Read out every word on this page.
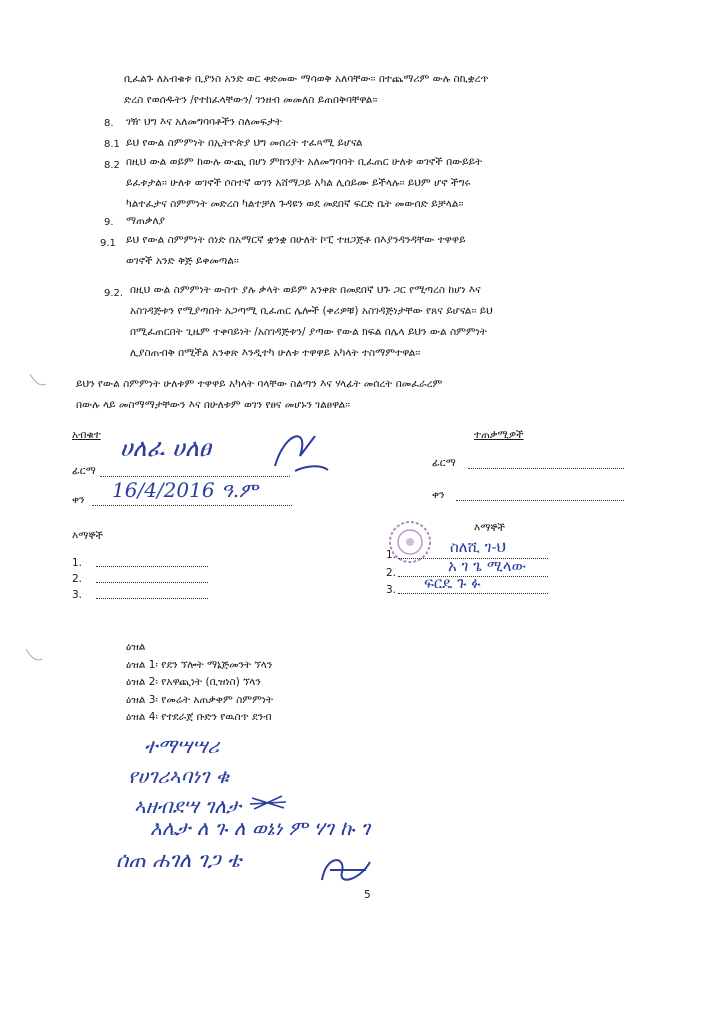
ቢፈልጉ ለአብቁቱ ቢያንስ አንድ ወር ቀድመው ማሳወቅ አለባቸው፡፡ በተጨማሪም ውሉ ስኪቋረጥ
ድረስ የወሰዱትን /የተከፈላቸውን/ ገንዘብ መመለስ ይጠበቅባቸዋል፡፡
8. ገዥ ህግ እና አለመግባባቶችን ስለመፍታት
8.1 ይህ የውል ስምምነት በኢትዮጵያ ህግ መሰረት ተፈጻሚ ይሆናል
8.2 በዚህ ውል ወይም ከውሉ ውጪ በሆነ ምክንያት አለመግባባት ቢፈጠር ሁለቱ ወገኖች በውይይት
ይፈቱታል፡፡ ሁለቱ ወገኖች ሶስተኛ ወገን አሸማጋይ አካል ሊሰይሙ ይችላሉ፡፡ ይህም ሆኖ ችግሩ
ካልተፈታና ስምምነት መድረስ ካልተቻለ ጉዳዩን ወደ መደበኛ ፍርድ ቤት መውሰድ ይቻላል፡፡
9. ማጠቃለያ
9.1 ይህ የውል ስምምነት ሰነድ በአማርኛ ቋንቋ በሁለት ኮፒ ተዘጋጅቶ በእያንዳንዳቸው ተዋዋይ
ወገኖች አንድ ቅጅ ይቀመጣል፡፡
9.2. በዚህ ውል ስምምነት ውስጥ ያሉ ቃላት ወይም አንቀጽ በመደበኛ ህጉ ጋር የሚጣረስ ከሆነ እና
አስገዳጅቱን የሚያጣበት አጋጣሚ ቢፈጠር ሌሎች (ቀሪዎቹ) አስገዳጅነታቸው የጸና ይሆናል፡፡ ይህ
በሚፈጠርበት ጊዜም ተቀባይነት /አስገዳጅቱን/ ያጣው የውል ክፍል በሌላ ይህን ውል ስምምነት
ሊያስጠብቅ በሚችል አንቀጽ እንዲተካ ሁለቱ ተዋዋይ አካላት ተስማምተዋል፡፡
ይህን የውል ስምምነት ሁለቱም ተዋዋይ አካላት ባላቸው ስልጣን እና ሃላፊት መሰረት በመፈራረም
በውሉ ላይ መስማማታቸውን እና በሁለቱም ወገን የፀና መሆኑን ገልፀዋል፡፡
አብቁተ
ፊርማ
ሀለፈ ሀለፀ
ቀን 16/4/2016 ዓ.ም
እማኞች
1.
2.
3.
ተጠቃሚዎች
ፊርማ
ቀን
እማኞች
1.	ስለሺ ገ-ህ
2.	አ ገ ጌ ሚላው
3. ፍርዴ ጉ ፉ
ዕዝል
ዕዝል 1፡ የደን ኘሎት ማኔጅመንት ኘላን
ዕዝል 2፡ የአዋጪነት (ቢዝነስ) ኘላን
ዕዝል 3፡ የመሬት አጠቃቀም ስምምነት
ዕዝል 4፡ የተደራጀ ቡድን የዉስጥ ደንብ
ተማሣሣሪ
የሀገሪኣባነገ ቁ
ኣዘብደሣ ገለታ
እሌታ ለ ጉ ለ ወኔነ ም ሃገ ኩ ገ
ሰጠ ሐገለ ገጋ ቴ
5
